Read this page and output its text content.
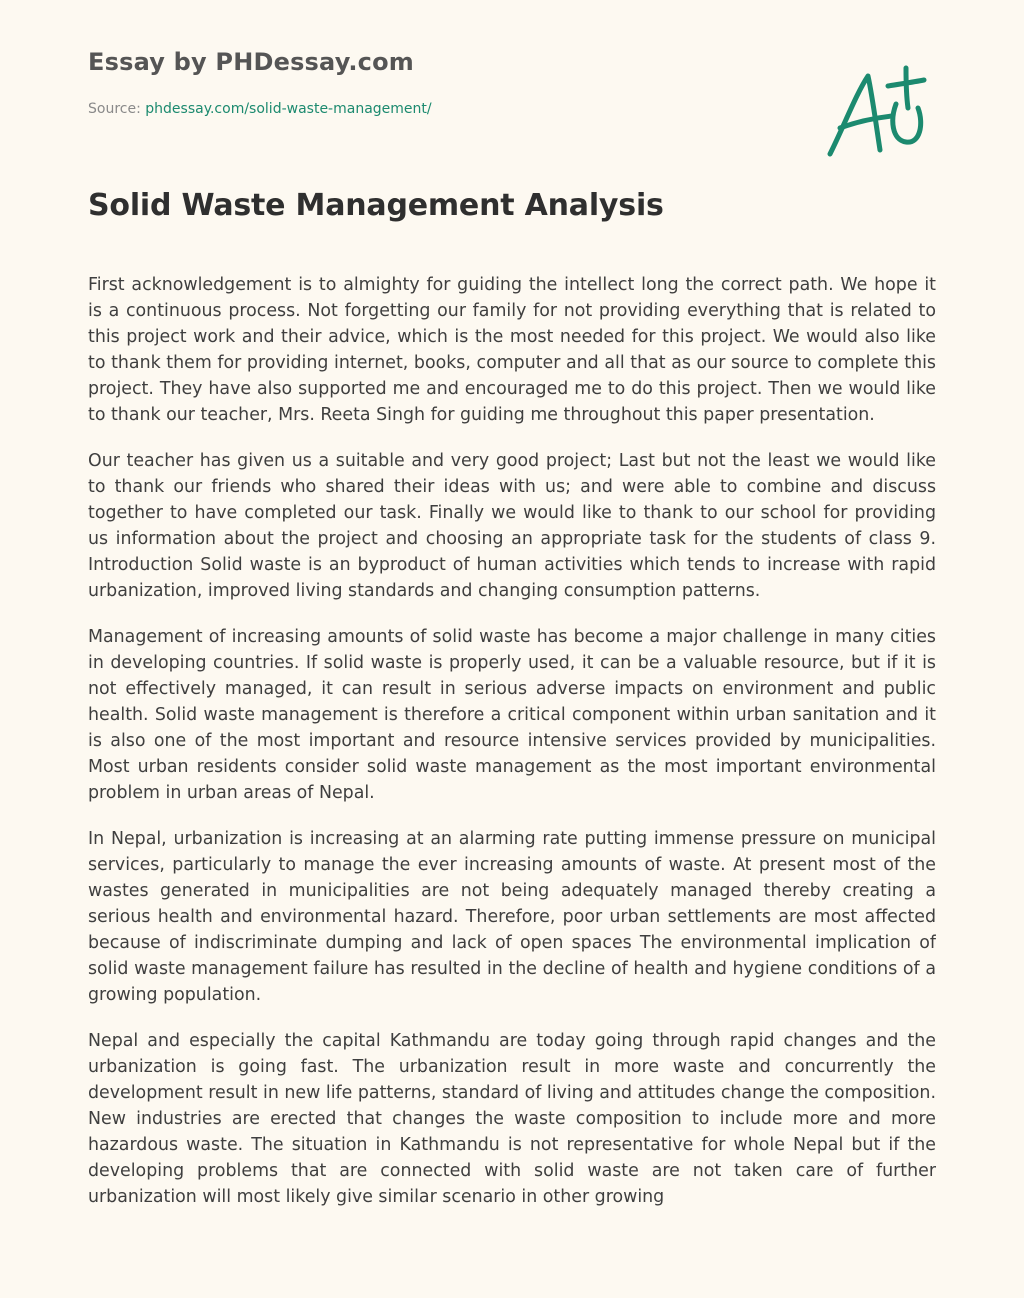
Essay by PHDessay.com
Source: phdessay.com/solid-waste-management/
Solid Waste Management Analysis

First acknowledgement is to almighty for guiding the intellect long the correct path. We hope it is a continuous process. Not forgetting our family for not providing everything that is related to this project work and their advice, which is the most needed for this project. We would also like to thank them for providing internet, books, computer and all that as our source to complete this project. They have also supported me and encouraged me to do this project. Then we would like to thank our teacher, Mrs. Reeta Singh for guiding me throughout this paper presentation.

Our teacher has given us a suitable and very good project; Last but not the least we would like to thank our friends who shared their ideas with us; and were able to combine and discuss together to have completed our task. Finally we would like to thank to our school for providing us information about the project and choosing an appropriate task for the students of class 9. Introduction Solid waste is an byproduct of human activities which tends to increase with rapid urbanization, improved living standards and changing consumption patterns.

Management of increasing amounts of solid waste has become a major challenge in many cities in developing countries. If solid waste is properly used, it can be a valuable resource, but if it is not effectively managed, it can result in serious adverse impacts on environment and public health. Solid waste management is therefore a critical component within urban sanitation and it is also one of the most important and resource intensive services provided by municipalities. Most urban residents consider solid waste management as the most important environmental problem in urban areas of Nepal.

In Nepal, urbanization is increasing at an alarming rate putting immense pressure on municipal services, particularly to manage the ever increasing amounts of waste. At present most of the wastes generated in municipalities are not being adequately managed thereby creating a serious health and environmental hazard. Therefore, poor urban settlements are most affected because of indiscriminate dumping and lack of open spaces The environmental implication of solid waste management failure has resulted in the decline of health and hygiene conditions of a growing population.

Nepal and especially the capital Kathmandu are today going through rapid changes and the urbanization is going fast. The urbanization result in more waste and concurrently the development result in new life patterns, standard of living and attitudes change the composition. New industries are erected that changes the waste composition to include more and more hazardous waste. The situation in Kathmandu is not representative for whole Nepal but if the developing problems that are connected with solid waste are not taken care of further urbanization will most likely give similar scenario in other growing
